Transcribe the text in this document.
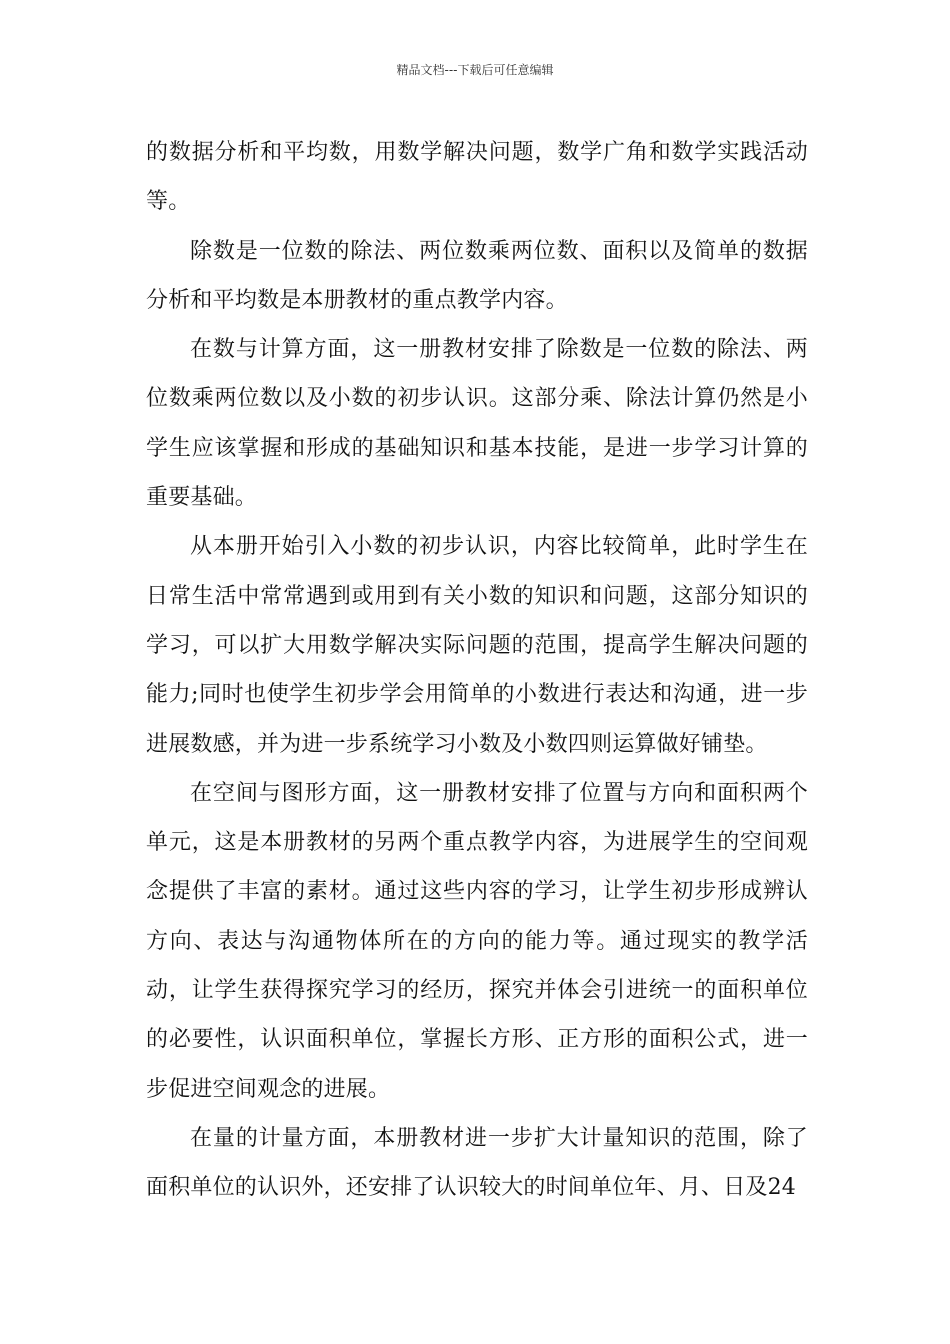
精品文档---下载后可任意编辑

的数据分析和平均数，用数学解决问题，数学广角和数学实践活动等。

除数是一位数的除法、两位数乘两位数、面积以及简单的数据分析和平均数是本册教材的重点教学内容。

在数与计算方面，这一册教材安排了除数是一位数的除法、两位数乘两位数以及小数的初步认识。这部分乘、除法计算仍然是小学生应该掌握和形成的基础知识和基本技能，是进一步学习计算的重要基础。

从本册开始引入小数的初步认识，内容比较简单，此时学生在日常生活中常常遇到或用到有关小数的知识和问题，这部分知识的学习，可以扩大用数学解决实际问题的范围，提高学生解决问题的能力;同时也使学生初步学会用简单的小数进行表达和沟通，进一步进展数感，并为进一步系统学习小数及小数四则运算做好铺垫。

在空间与图形方面，这一册教材安排了位置与方向和面积两个单元，这是本册教材的另两个重点教学内容，为进展学生的空间观念提供了丰富的素材。通过这些内容的学习，让学生初步形成辨认方向、表达与沟通物体所在的方向的能力等。通过现实的教学活动，让学生获得探究学习的经历，探究并体会引进统一的面积单位的必要性，认识面积单位，掌握长方形、正方形的面积公式，进一步促进空间观念的进展。

在量的计量方面，本册教材进一步扩大计量知识的范围，除了面积单位的认识外，还安排了认识较大的时间单位年、月、日及24
